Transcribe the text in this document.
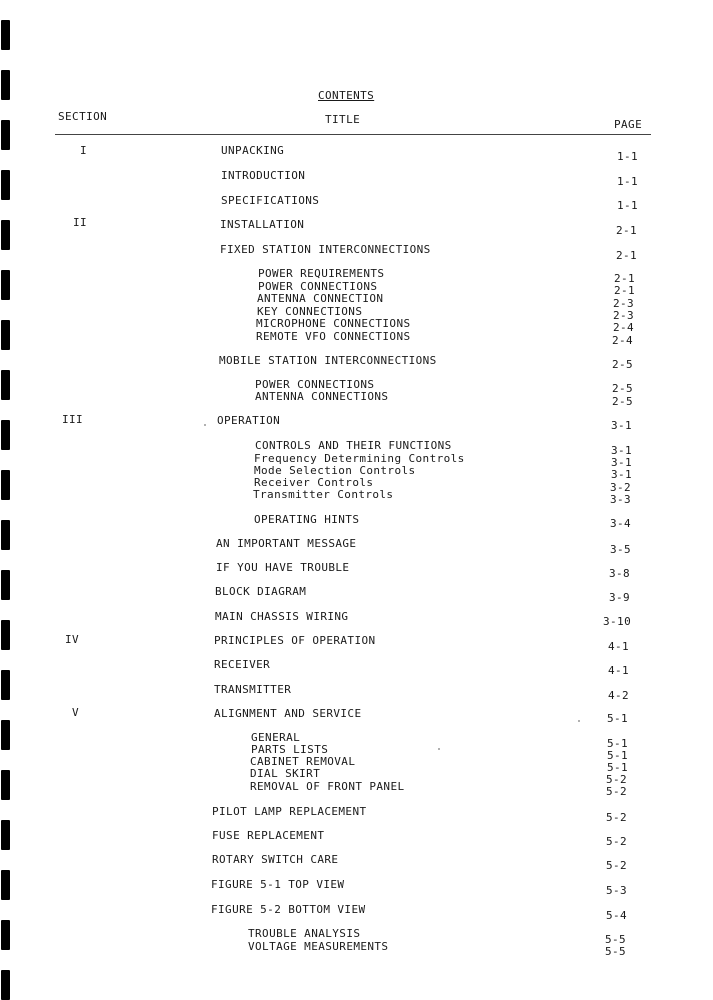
CONTENTS
SECTION	TITLE	PAGE
I	UNPACKING	1-1
INTRODUCTION	1-1
SPECIFICATIONS	1-1
II	INSTALLATION	2-1
FIXED STATION INTERCONNECTIONS	2-1
POWER REQUIREMENTS	2-1
POWER CONNECTIONS	2-1
ANTENNA CONNECTION	2-3
KEY CONNECTIONS	2-3
MICROPHONE CONNECTIONS	2-4
REMOTE VFO CONNECTIONS	2-4
MOBILE STATION INTERCONNECTIONS	2-5
POWER CONNECTIONS	2-5
ANTENNA CONNECTIONS	2-5
III	OPERATION	3-1
CONTROLS AND THEIR FUNCTIONS	3-1
Frequency Determining Controls	3-1
Mode Selection Controls	3-1
Receiver Controls	3-2
Transmitter Controls	3-3
OPERATING HINTS	3-4
AN IMPORTANT MESSAGE	3-5
IF YOU HAVE TROUBLE	3-8
BLOCK DIAGRAM	3-9
MAIN CHASSIS WIRING	3-10
IV	PRINCIPLES OF OPERATION	4-1
RECEIVER	4-1
TRANSMITTER	4-2
V	ALIGNMENT AND SERVICE	5-1
GENERAL	5-1
PARTS LISTS	5-1
CABINET REMOVAL	5-1
DIAL SKIRT	5-2
REMOVAL OF FRONT PANEL	5-2
PILOT LAMP REPLACEMENT	5-2
FUSE REPLACEMENT	5-2
ROTARY SWITCH CARE	5-2
FIGURE 5-1 TOP VIEW	5-3
FIGURE 5-2 BOTTOM VIEW	5-4
TROUBLE ANALYSIS	5-5
VOLTAGE MEASUREMENTS	5-5
